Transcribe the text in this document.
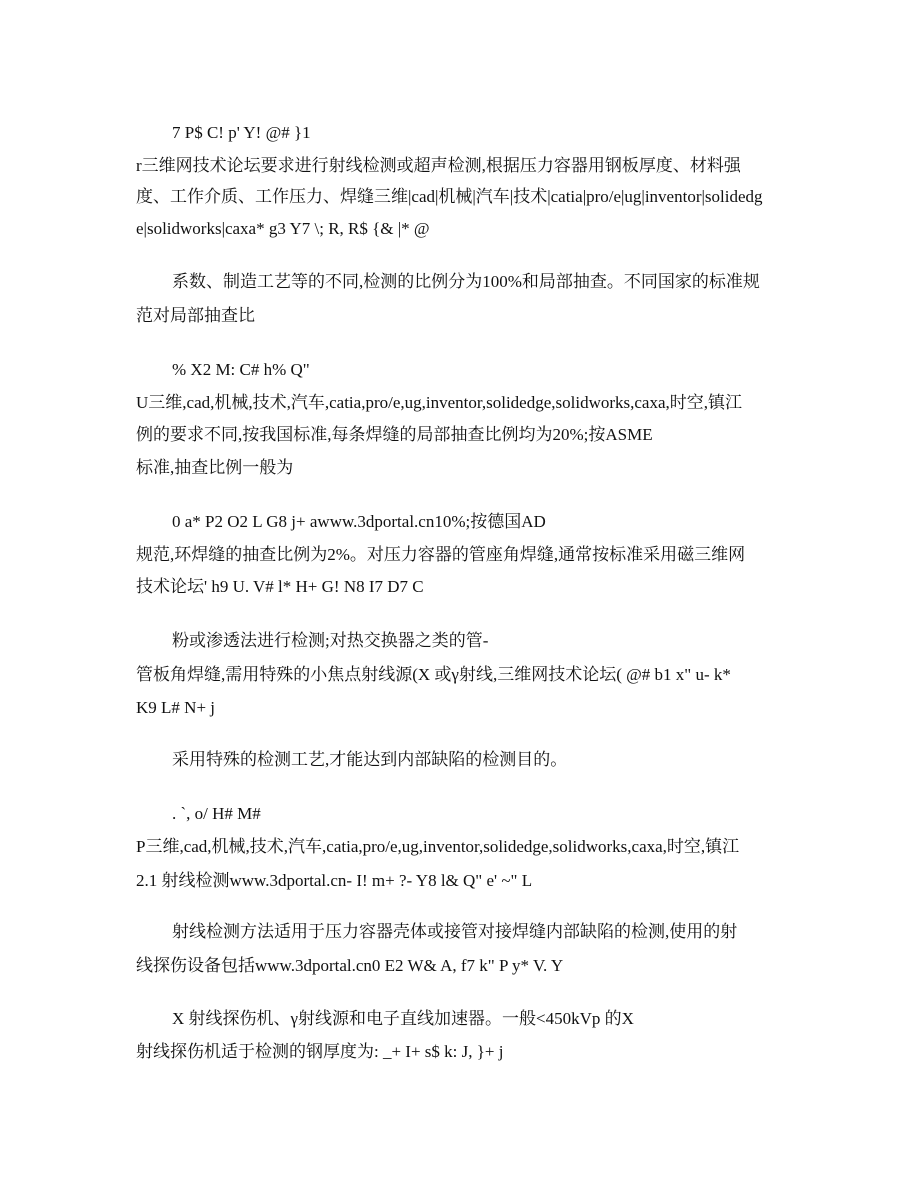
7 P$ C! p' Y! @# }1
r三维网技术论坛要求进行射线检测或超声检测,根据压力容器用钢板厚度、材料强
度、工作介质、工作压力、焊缝三维|cad|机械|汽车|技术|catia|pro/e|ug|inventor|solidedg
e|solidworks|caxa* g3 Y7 \; R, R$ {& |* @
系数、制造工艺等的不同,检测的比例分为100%和局部抽查。不同国家的标准规
范对局部抽查比
% X2 M: C# h% Q"
U三维,cad,机械,技术,汽车,catia,pro/e,ug,inventor,solidedge,solidworks,caxa,时空,镇江
例的要求不同,按我国标准,每条焊缝的局部抽查比例均为20%;按ASME
标准,抽查比例一般为
0 a* P2 O2 L G8 j+ awww.3dportal.cn10%;按德国AD
规范,环焊缝的抽查比例为2%。对压力容器的管座角焊缝,通常按标准采用磁三维网
技术论坛' h9 U. V# l* H+ G! N8 I7 D7 C
粉或渗透法进行检测;对热交换器之类的管-
管板角焊缝,需用特殊的小焦点射线源(X 或γ射线,三维网技术论坛( @# b1 x" u- k*
K9 L# N+ j
采用特殊的检测工艺,才能达到内部缺陷的检测目的。
. `, o/ H# M#
P三维,cad,机械,技术,汽车,catia,pro/e,ug,inventor,solidedge,solidworks,caxa,时空,镇江
2.1 射线检测www.3dportal.cn- I! m+ ?- Y8 l& Q" e' ~" L
射线检测方法适用于压力容器壳体或接管对接焊缝内部缺陷的检测,使用的射
线探伤设备包括www.3dportal.cn0 E2 W& A, f7 k" P y* V. Y
X 射线探伤机、γ射线源和电子直线加速器。一般<450kVp 的X
射线探伤机适于检测的钢厚度为: _+ I+ s$ k: J, }+ j
